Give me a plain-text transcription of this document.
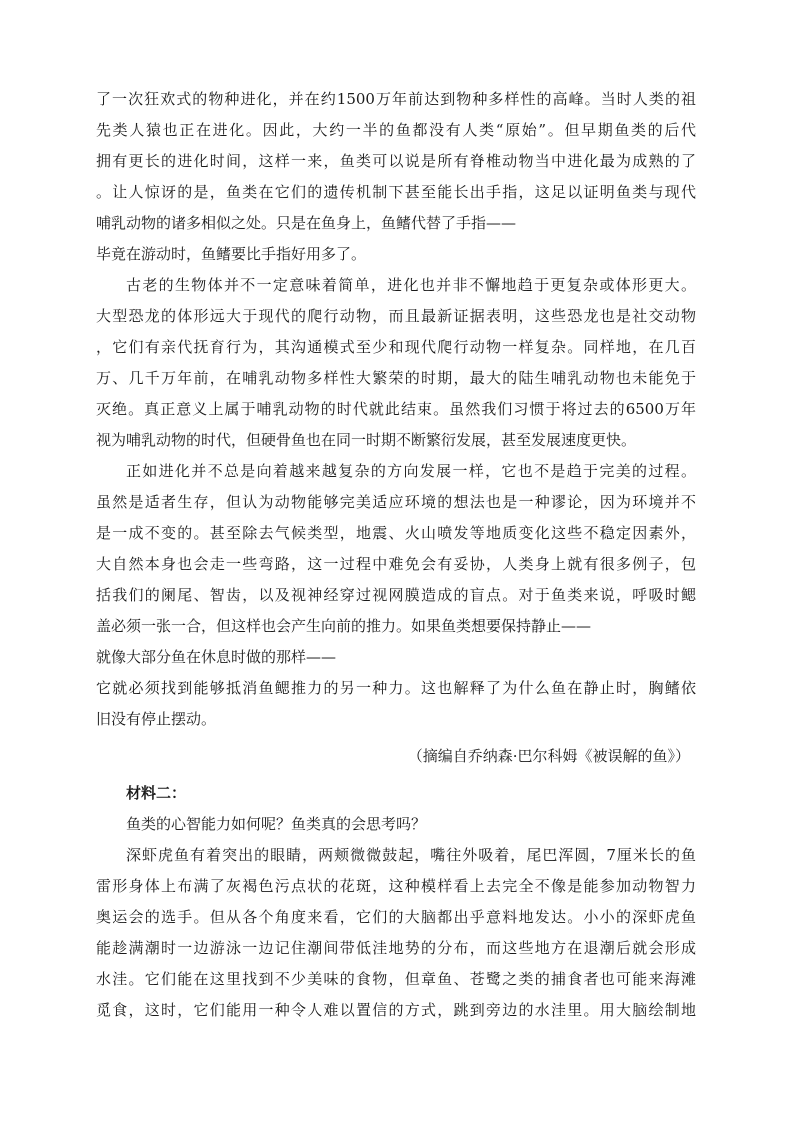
了一次狂欢式的物种进化，并在约1500万年前达到物种多样性的高峰。当时人类的祖
先类人猿也正在进化。因此，大约一半的鱼都没有人类“原始”。但早期鱼类的后代
拥有更长的进化时间，这样一来，鱼类可以说是所有脊椎动物当中进化最为成熟的了
。让人惊讶的是，鱼类在它们的遗传机制下甚至能长出手指，这足以证明鱼类与现代
哺乳动物的诸多相似之处。只是在鱼身上，鱼鳍代替了手指——
毕竟在游动时，鱼鳍要比手指好用多了。
古老的生物体并不一定意味着简单，进化也并非不懈地趋于更复杂或体形更大。
大型恐龙的体形远大于现代的爬行动物，而且最新证据表明，这些恐龙也是社交动物
，它们有亲代抚育行为，其沟通模式至少和现代爬行动物一样复杂。同样地，在几百
万、几千万年前，在哺乳动物多样性大繁荣的时期，最大的陆生哺乳动物也未能免于
灭绝。真正意义上属于哺乳动物的时代就此结束。虽然我们习惯于将过去的6500万年
视为哺乳动物的时代，但硬骨鱼也在同一时期不断繁衍发展，甚至发展速度更快。
正如进化并不总是向着越来越复杂的方向发展一样，它也不是趋于完美的过程。
虽然是适者生存，但认为动物能够完美适应环境的想法也是一种谬论，因为环境并不
是一成不变的。甚至除去气候类型，地震、火山喷发等地质变化这些不稳定因素外，
大自然本身也会走一些弯路，这一过程中难免会有妥协，人类身上就有很多例子，包
括我们的阑尾、智齿，以及视神经穿过视网膜造成的盲点。对于鱼类来说，呼吸时鳃
盖必须一张一合，但这样也会产生向前的推力。如果鱼类想要保持静止——
就像大部分鱼在休息时做的那样——
它就必须找到能够抵消鱼鳃推力的另一种力。这也解释了为什么鱼在静止时，胸鳍依
旧没有停止摆动。
（摘编自乔纳森·巴尔科姆《被误解的鱼》）
材料二：
鱼类的心智能力如何呢？鱼类真的会思考吗？
深虾虎鱼有着突出的眼睛，两颊微微鼓起，嘴往外吸着，尾巴浑圆，7厘米长的鱼
雷形身体上布满了灰褐色污点状的花斑，这种模样看上去完全不像是能参加动物智力
奥运会的选手。但从各个角度来看，它们的大脑都出乎意料地发达。小小的深虾虎鱼
能趁满潮时一边游泳一边记住潮间带低洼地势的分布，而这些地方在退潮后就会形成
水洼。它们能在这里找到不少美味的食物，但章鱼、苍鹭之类的捕食者也可能来海滩
觅食，这时，它们能用一种令人难以置信的方式，跳到旁边的水洼里。用大脑绘制地
